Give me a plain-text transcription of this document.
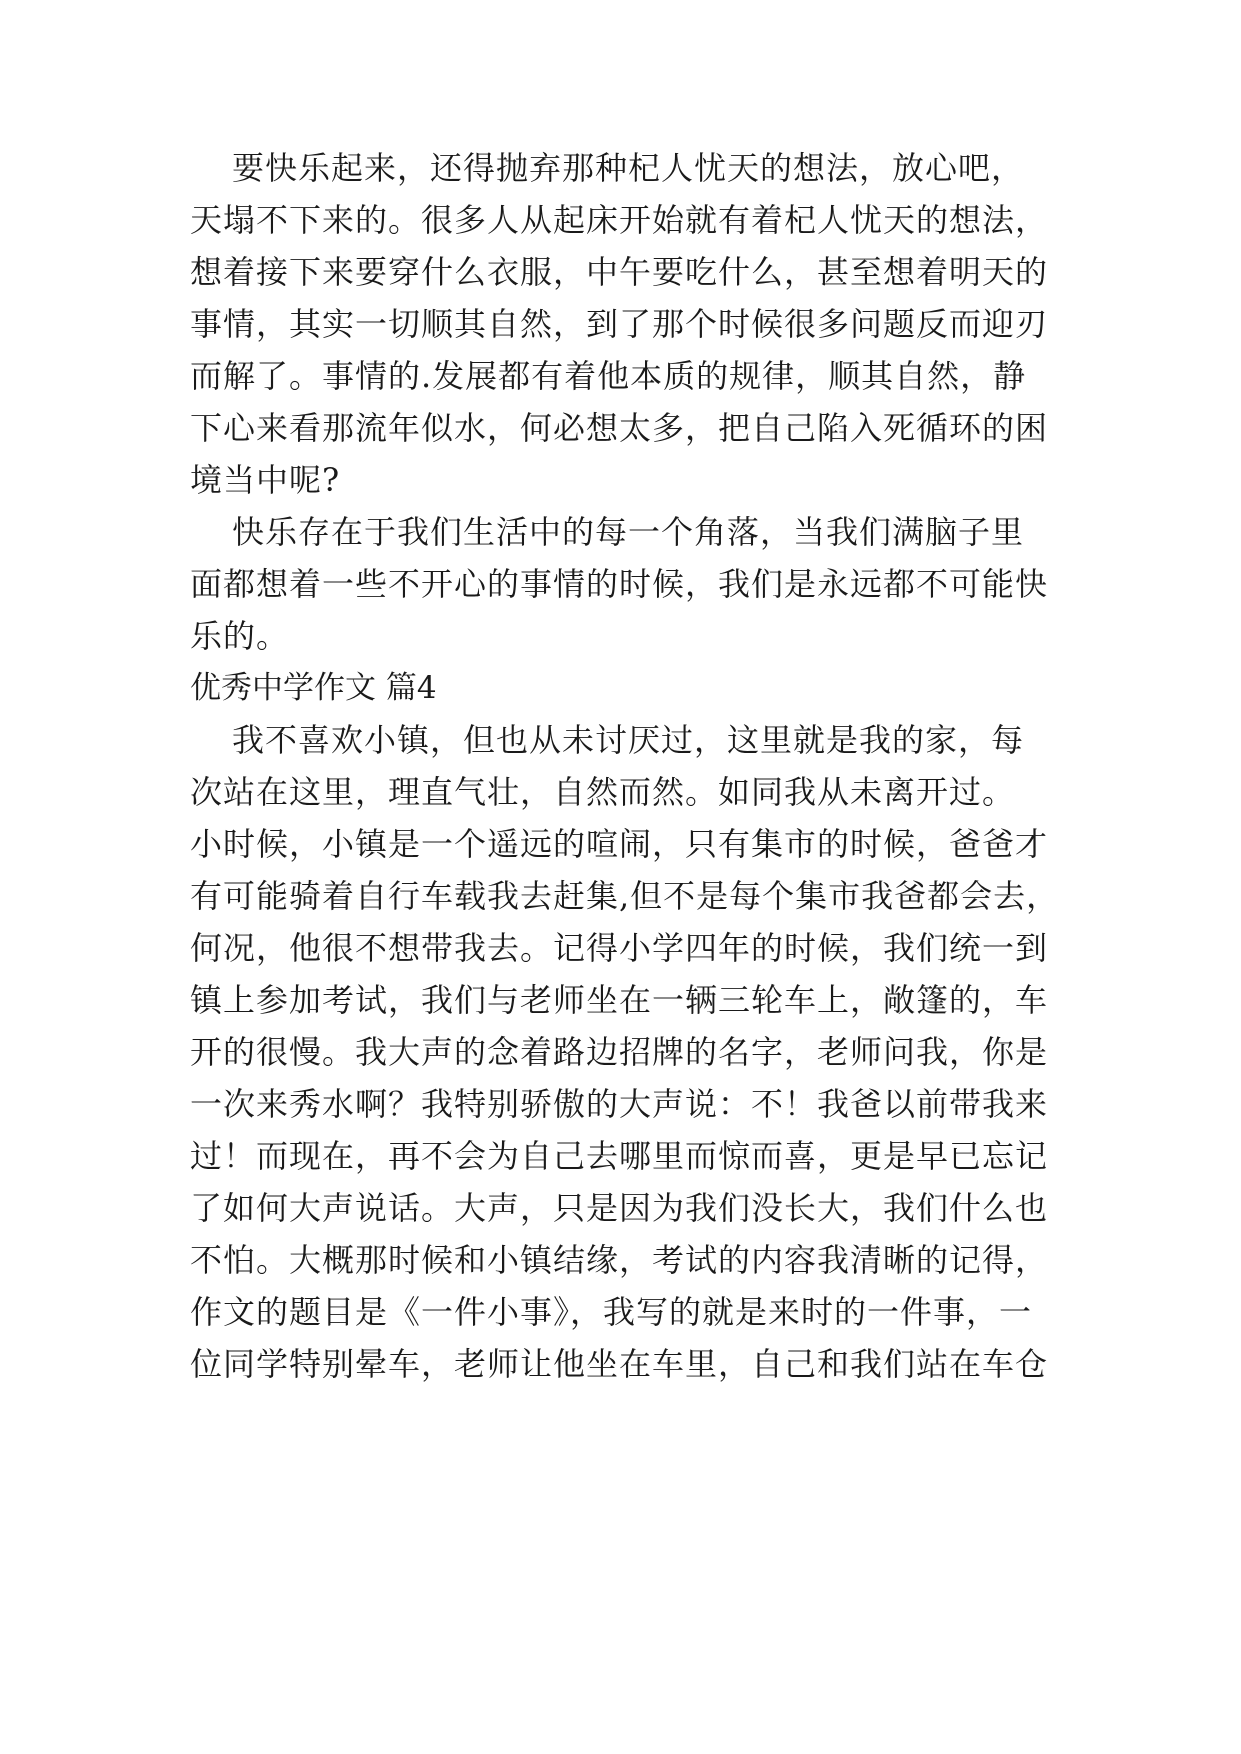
要快乐起来，还得抛弃那种杞人忧天的想法，放心吧，
天塌不下来的。很多人从起床开始就有着杞人忧天的想法，
想着接下来要穿什么衣服，中午要吃什么，甚至想着明天的
事情，其实一切顺其自然，到了那个时候很多问题反而迎刃
而解了。事情的.发展都有着他本质的规律，顺其自然，静
下心来看那流年似水，何必想太多，把自己陷入死循环的困
境当中呢?
快乐存在于我们生活中的每一个角落，当我们满脑子里
面都想着一些不开心的事情的时候，我们是永远都不可能快
乐的。
优秀中学作文 篇4
我不喜欢小镇，但也从未讨厌过，这里就是我的家，每
次站在这里，理直气壮，自然而然。如同我从未离开过。
小时候，小镇是一个遥远的喧闹，只有集市的时候，爸爸才
有可能骑着自行车载我去赶集,但不是每个集市我爸都会去，
何况，他很不想带我去。记得小学四年的时候，我们统一到
镇上参加考试，我们与老师坐在一辆三轮车上，敞篷的，车
开的很慢。我大声的念着路边招牌的名字，老师问我，你是
一次来秀水啊？我特别骄傲的大声说：不！我爸以前带我来
过！而现在，再不会为自己去哪里而惊而喜，更是早已忘记
了如何大声说话。大声，只是因为我们没长大，我们什么也
不怕。大概那时候和小镇结缘，考试的内容我清晰的记得，
作文的题目是《一件小事》，我写的就是来时的一件事，一
位同学特别晕车，老师让他坐在车里，自己和我们站在车仓
